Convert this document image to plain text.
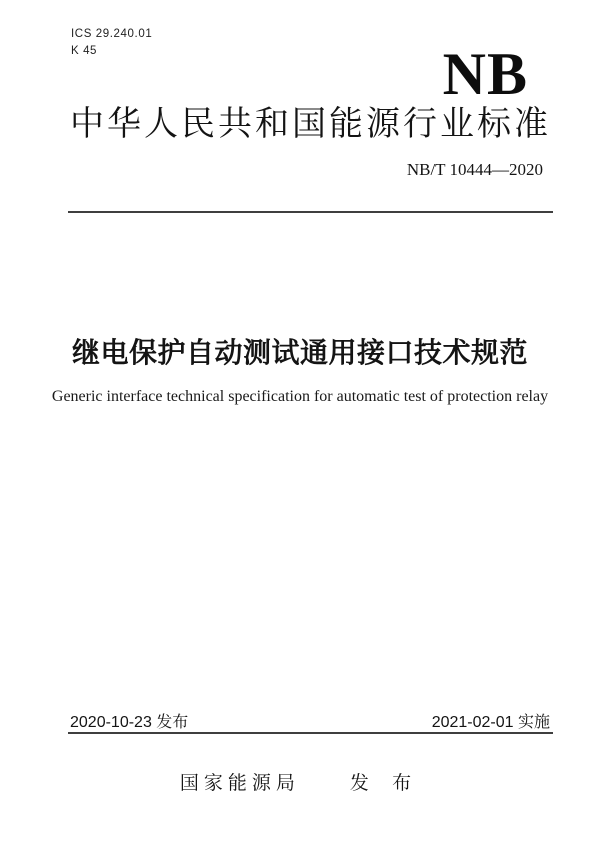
ICS 29.240.01
K 45	NB
中 华 人 民 共 和 国 能 源 行 业 标 准
NB/T 10444—2020
继电保护自动测试通用接口技术规范
Generic interface technical specification for automatic test of protection relay
2020-10-23 发布	2021-02-01 实施
国家能源局	发 布
